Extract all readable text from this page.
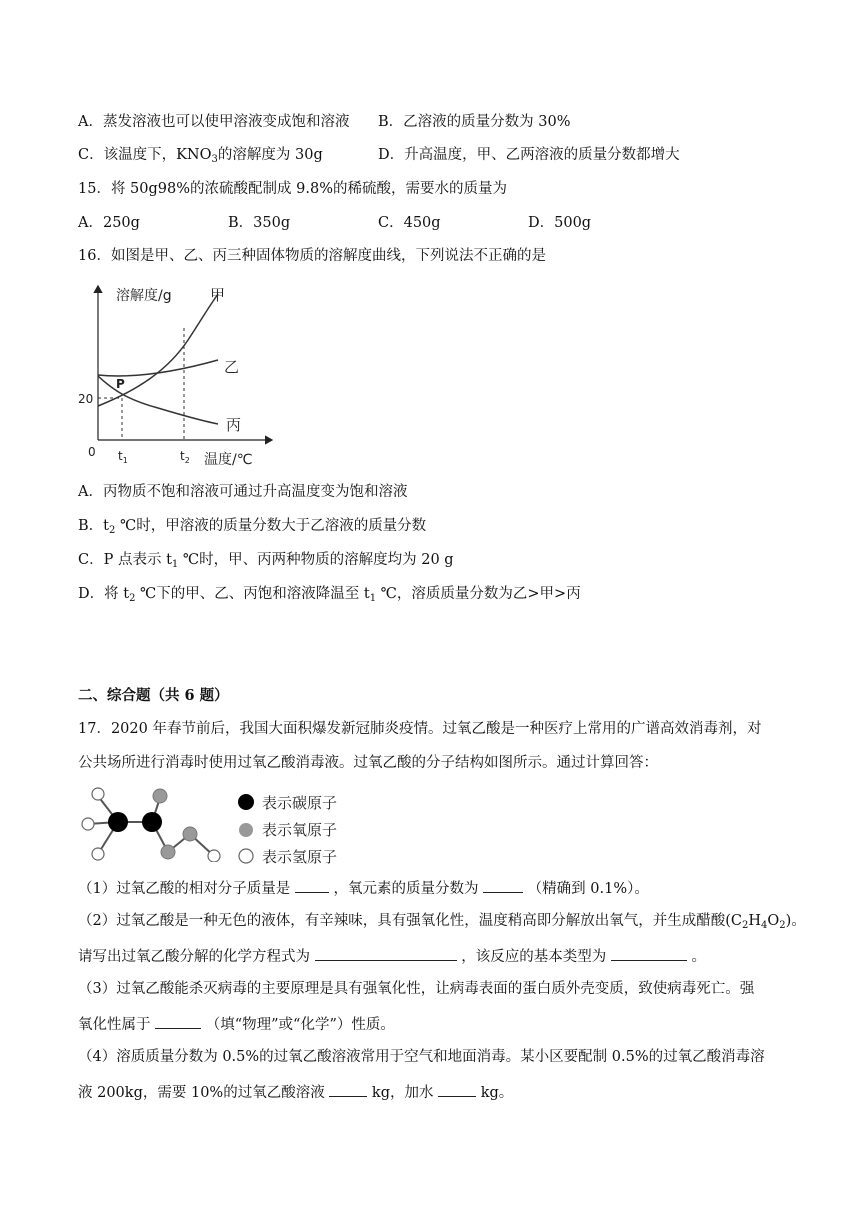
A．蒸发溶液也可以使甲溶液变成饱和溶液 B．乙溶液的质量分数为 30%
C．该温度下，$KNO_3$的溶解度为 30g	D．升高温度，甲、乙两溶液的质量分数都增大
15．将 50g98%的浓硫酸配制成 9.8%的稀硫酸，需要水的质量为
A．250g	B．350g	C．450g	D．500g
16．如图是甲、乙、丙三种固体物质的溶解度曲线，下列说法不正确的是
溶解度/g	甲
乙
丙
P
20
0 $t_1$	$t_2$ 温度/℃
A．丙物质不饱和溶液可通过升高温度变为饱和溶液
B．$t_2$ ℃时，甲溶液的质量分数大于乙溶液的质量分数
C．P 点表示 $t_1$ ℃时，甲、丙两种物质的溶解度均为 20 g
D．将 $t_2$ ℃下的甲、乙、丙饱和溶液降温至 $t_1$ ℃，溶质质量分数为乙>甲>丙
二、综合题（共 6 题）
17．2020 年春节前后，我国大面积爆发新冠肺炎疫情。过氧乙酸是一种医疗上常用的广谱高效消毒剂，对
公共场所进行消毒时使用过氧乙酸消毒液。过氧乙酸的分子结构如图所示。通过计算回答：
表示碳原子
表示氧原子
表示氢原子
（1）过氧乙酸的相对分子质量是	，氧元素的质量分数为	（精确到 0.1%）。
（2）过氧乙酸是一种无色的液体，有辛辣味，具有强氧化性，温度稍高即分解放出氧气，并生成醋酸$(C_2H_4O_2)$。
请写出过氧乙酸分解的化学方程式为	，该反应的基本类型为	。
（3）过氧乙酸能杀灭病毒的主要原理是具有强氧化性，让病毒表面的蛋白质外壳变质，致使病毒死亡。强
氧化性属于	（填“物理”或“化学”）性质。
（4）溶质质量分数为 0.5%的过氧乙酸溶液常用于空气和地面消毒。某小区要配制 0.5%的过氧乙酸消毒溶
液 200kg，需要 10%的过氧乙酸溶液	kg，加水	kg。
